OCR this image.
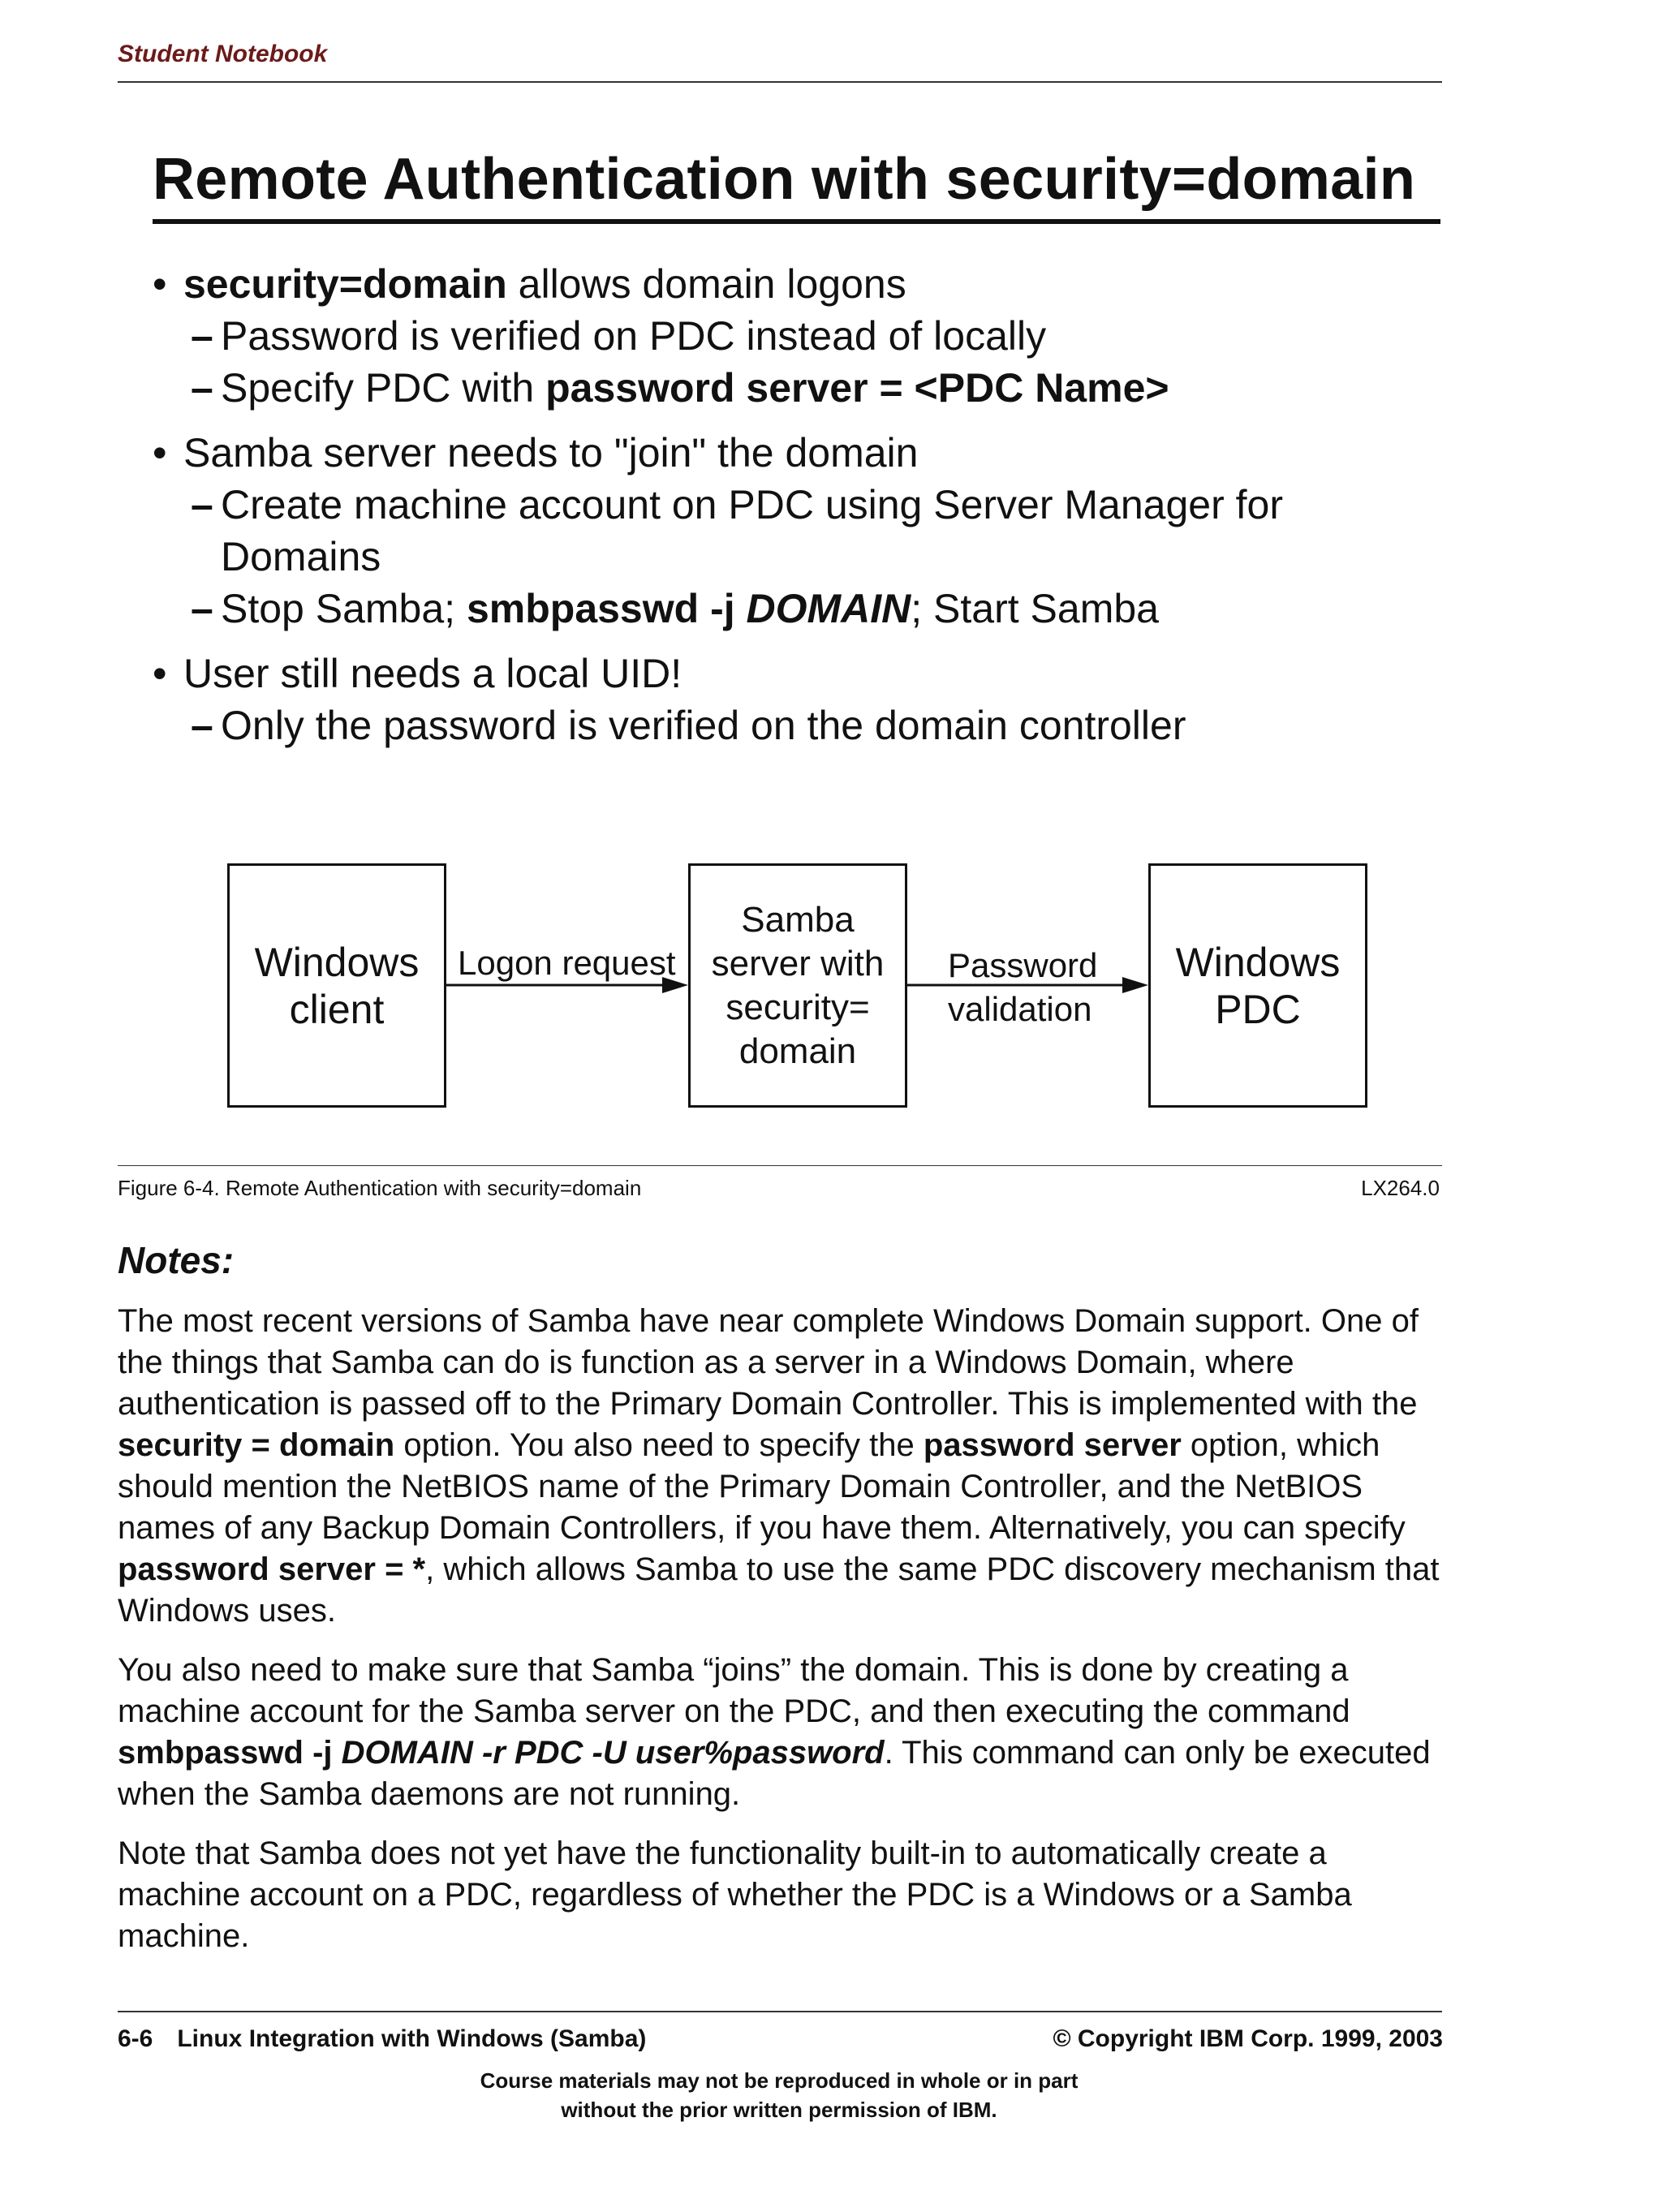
Student Notebook
Remote Authentication with security=domain
• security=domain allows domain logons
– Password is verified on PDC instead of locally
– Specify PDC with password server = <PDC Name>
• Samba server needs to "join" the domain
– Create machine account on PDC using Server Manager for
Domains
– Stop Samba; smbpasswd -j DOMAIN; Start Samba
• User still needs a local UID!
– Only the password is verified on the domain controller
Windows
client
Samba
server with
security=
domain
Windows
PDC
Logon request	Password
validation
Figure 6-4. Remote Authentication with security=domain	LX264.0
Notes:

The most recent versions of Samba have near complete Windows Domain support. One of the things that Samba can do is function as a server in a Windows Domain, where authentication is passed off to the Primary Domain Controller. This is implemented with the security = domain option. You also need to specify the password server option, which should mention the NetBIOS name of the Primary Domain Controller, and the NetBIOS names of any Backup Domain Controllers, if you have them. Alternatively, you can specify password server = *, which allows Samba to use the same PDC discovery mechanism that Windows uses.

You also need to make sure that Samba “joins” the domain. This is done by creating a machine account for the Samba server on the PDC, and then executing the command smbpasswd -j DOMAIN -r PDC -U user%password. This command can only be executed when the Samba daemons are not running.

Note that Samba does not yet have the functionality built-in to automatically create a machine account on a PDC, regardless of whether the PDC is a Windows or a Samba machine.

6-6 Linux Integration with Windows (Samba)	© Copyright IBM Corp. 1999, 2003
Course materials may not be reproduced in whole or in part
without the prior written permission of IBM.
